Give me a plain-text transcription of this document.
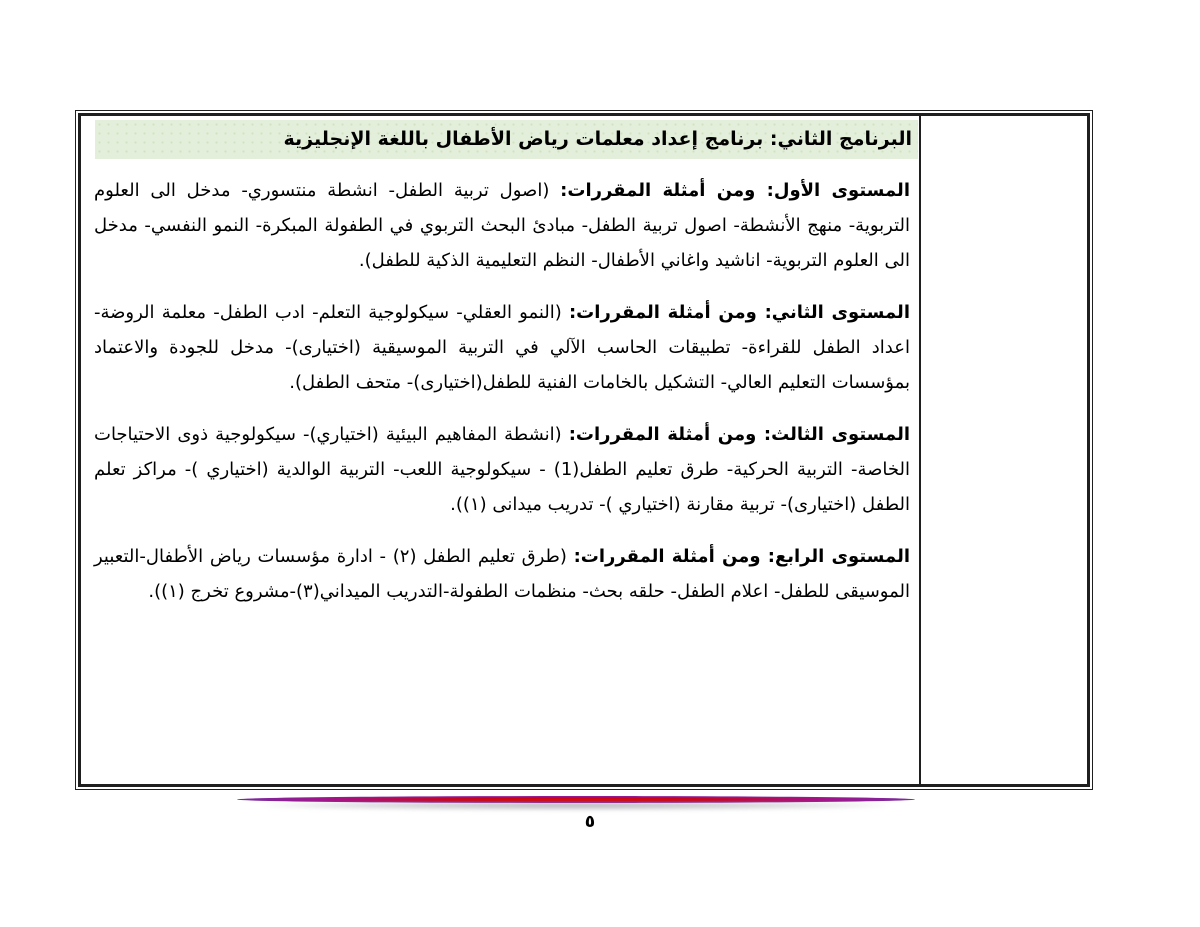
البرنامج الثاني: برنامج إعداد معلمات رياض الأطفال باللغة الإنجليزية

المستوى الأول: ومن أمثلة المقررات: (اصول تربية الطفل- انشطة منتسوري- مدخل الى العلوم التربوية- منهج الأنشطة- اصول تربية الطفل- مبادئ البحث التربوي في الطفولة المبكرة- النمو النفسي- مدخل الى العلوم التربوية- اناشيد واغاني الأطفال- النظم التعليمية الذكية للطفل).

المستوى الثاني: ومن أمثلة المقررات: (النمو العقلي- سيكولوجية التعلم- ادب الطفل- معلمة الروضة- اعداد الطفل للقراءة- تطبيقات الحاسب الآلي في التربية الموسيقية (اختيارى)- مدخل للجودة والاعتماد بمؤسسات التعليم العالي- التشكيل بالخامات الفنية للطفل(اختيارى)- متحف الطفل).

المستوى الثالث: ومن أمثلة المقررات: (انشطة المفاهيم البيئية (اختياري)- سيكولوجية ذوى الاحتياجات الخاصة- التربية الحركية- طرق تعليم الطفل(1) - سيكولوجية اللعب- التربية الوالدية (اختياري )- مراكز تعلم الطفل (اختيارى)- تربية مقارنة (اختياري )- تدريب ميدانى (١)).

المستوى الرابع: ومن أمثلة المقررات: (طرق تعليم الطفل (٢) - ادارة مؤسسات رياض الأطفال-التعبير الموسيقى للطفل- اعلام الطفل- حلقه بحث- منظمات الطفولة-التدريب الميداني(٣)-مشروع تخرج (١)).

٥
